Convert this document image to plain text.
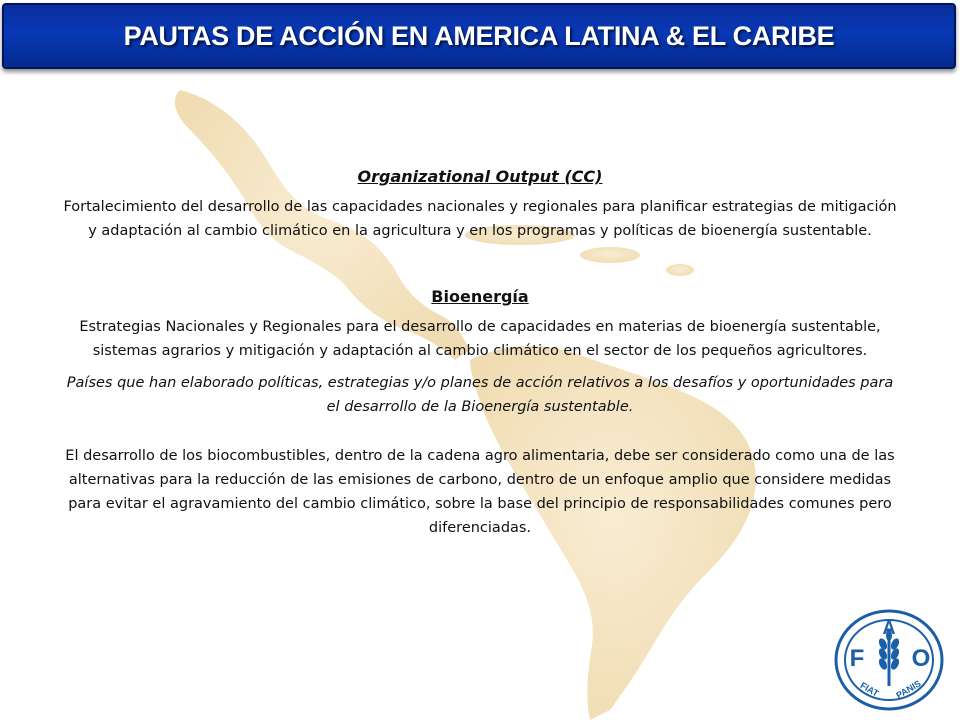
PAUTAS DE ACCIÓN EN AMERICA LATINA & EL CARIBE
Organizational Output (CC)

Fortalecimiento del desarrollo de las capacidades nacionales y regionales para planificar estrategias de mitigación y adaptación al cambio climático en la agricultura y en los programas y políticas de bioenergía sustentable.

Bioenergía

Estrategias Nacionales y Regionales para el desarrollo de capacidades en materias de bioenergía sustentable, sistemas agrarios y mitigación y adaptación al cambio climático en el sector de los pequeños agricultores.

Países que han elaborado políticas, estrategias y/o planes de acción relativos a los desafíos y oportunidades para el desarrollo de la Bioenergía sustentable.

El desarrollo de los biocombustibles, dentro de la cadena agro alimentaria, debe ser considerado como una de las alternativas para la reducción de las emisiones de carbono, dentro de un enfoque amplio que considere medidas para evitar el agravamiento del cambio climático, sobre la base del principio de responsabilidades comunes pero diferenciadas.

F
A
O
FIAT PANIS
